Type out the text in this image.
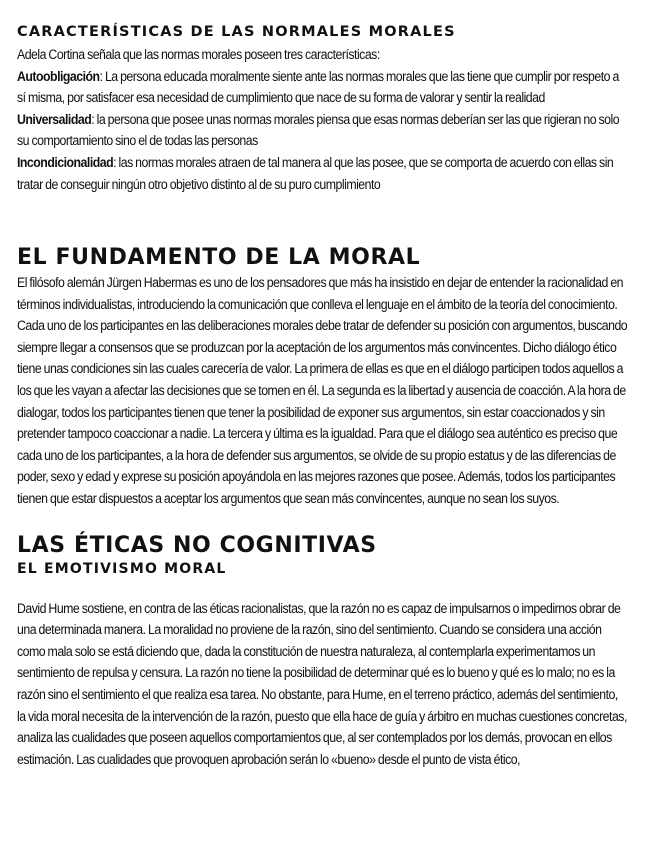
CARACTERÍSTICAS DE LAS NORMALES MORALES

Adela Cortina señala que las normas morales poseen tres características:

Autoobligación: La persona educada moralmente siente ante las normas morales que las tiene que cumplir por respeto a sí misma, por satisfacer esa necesidad de cumplimiento que nace de su forma de valorar y sentir la realidad

Universalidad: la persona que posee unas normas morales piensa que esas normas deberían ser las que rigieran no solo su comportamiento sino el de todas las personas

Incondicionalidad: las normas morales atraen de tal manera al que las posee, que se comporta de acuerdo con ellas sin tratar de conseguir ningún otro objetivo distinto al de su puro cumplimiento

EL FUNDAMENTO DE LA MORAL

El filósofo alemán Jürgen Habermas es uno de los pensadores que más ha insistido en dejar de entender la racionalidad en términos individualistas, introduciendo la comunicación que conlleva el lenguaje en el ámbito de la teoría del conocimiento. Cada uno de los participantes en las deliberaciones morales debe tratar de defender su posición con argumentos, buscando siempre llegar a consensos que se produzcan por la aceptación de los argumentos más convincentes. Dicho diálogo ético tiene unas condiciones sin las cuales carecería de valor. La primera de ellas es que en el diálogo participen todos aquellos a los que les vayan a afectar las decisiones que se tomen en él. La segunda es la libertad y ausencia de coacción. A la hora de dialogar, todos los participantes tienen que tener la posibilidad de exponer sus argumentos, sin estar coaccionados y sin pretender tampoco coaccionar a nadie. La tercera y última es la igualdad. Para que el diálogo sea auténtico es preciso que cada uno de los participantes, a la hora de defender sus argumentos, se olvide de su propio estatus y de las diferencias de poder, sexo y edad y exprese su posición apoyándola en las mejores razones que posee. Además, todos los participantes tienen que estar dispuestos a aceptar los argumentos que sean más convincentes, aunque no sean los suyos.

LAS ÉTICAS NO COGNITIVAS
EL EMOTIVISMO MORAL

David Hume sostiene, en contra de las éticas racionalistas, que la razón no es capaz de impulsarnos o impedirnos obrar de una determinada manera. La moralidad no proviene de la razón, sino del sentimiento. Cuando se considera una acción como mala solo se está diciendo que, dada la constitución de nuestra naturaleza, al contemplarla experimentamos un sentimiento de repulsa y censura. La razón no tiene la posibilidad de determinar qué es lo bueno y qué es lo malo; no es la razón sino el sentimiento el que realiza esa tarea. No obstante, para Hume, en el terreno práctico, además del sentimiento, la vida moral necesita de la intervención de la razón, puesto que ella hace de guía y árbitro en muchas cuestiones concretas, analiza las cualidades que poseen aquellos comportamientos que, al ser contemplados por los demás, provocan en ellos estimación. Las cualidades que provoquen aprobación serán lo «bueno» desde el punto de vista ético,
